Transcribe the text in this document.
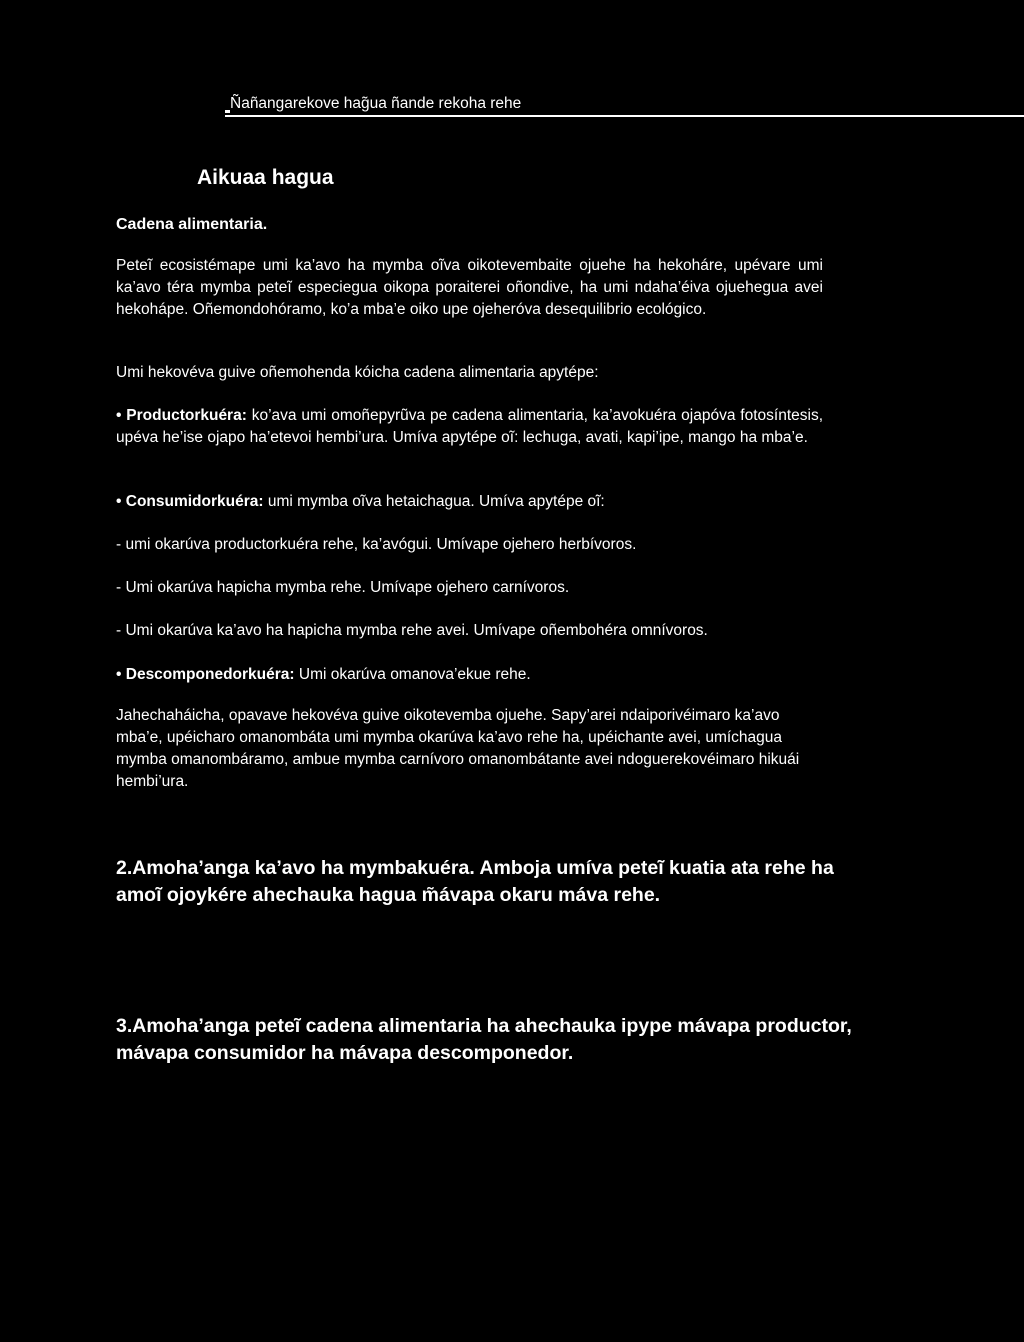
Ñañangarekove hag̃ua ñande rekoha rehe
Aikuaa hagua
Cadena alimentaria.

Peteĩ ecosistémape umi ka’avo ha mymba oĩva oikotevembaite ojuehe ha hekoháre, upévare umi ka’avo téra mymba peteĩ especiegua oikopa poraiterei oñondive, ha umi ndaha’éiva ojuehegua avei hekohápe. Oñemondohóramo, ko’a mba’e oiko upe ojeheróva desequilibrio ecológico.

Umi hekovéva guive oñemohenda kóicha cadena alimentaria apytépe:

• Productorkuéra: ko’ava umi omoñepyrũva pe cadena alimentaria, ka’avokuéra ojapóva fotosíntesis, upéva he’ise ojapo ha’etevoi hembi’ura. Umíva apytépe oĩ: lechuga, avati, kapi’ipe, mango ha mba’e.

• Consumidorkuéra: umi mymba oĩva hetaichagua. Umíva apytépe oĩ:

- umi okarúva productorkuéra rehe, ka’avógui. Umívape ojehero herbívoros.

- Umi okarúva hapicha mymba rehe. Umívape ojehero carnívoros.

- Umi okarúva ka’avo ha hapicha mymba rehe avei. Umívape oñembohéra omnívoros.

• Descomponedorkuéra: Umi okarúva omanova’ekue rehe.

Jahechaháicha, opavave hekovéva guive oikotevemba ojuehe. Sapy’arei ndaiporivéimaro ka’avo mba’e, upéicharo omanombáta umi mymba okarúva ka’avo rehe ha, upéichante avei, umíchagua mymba omanombáramo, ambue mymba carnívoro omanombátante avei ndoguerekovéimaro hikuái hembi’ura.

2.Amoha’anga ka’avo ha mymbakuéra. Amboja umíva peteĩ kuatia ata rehe ha amoĩ ojoykére ahechauka hagua m̃ávapa okaru máva rehe.

3.Amoha’anga peteĩ cadena alimentaria ha ahechauka ipype mávapa productor, mávapa consumidor ha mávapa descomponedor.
